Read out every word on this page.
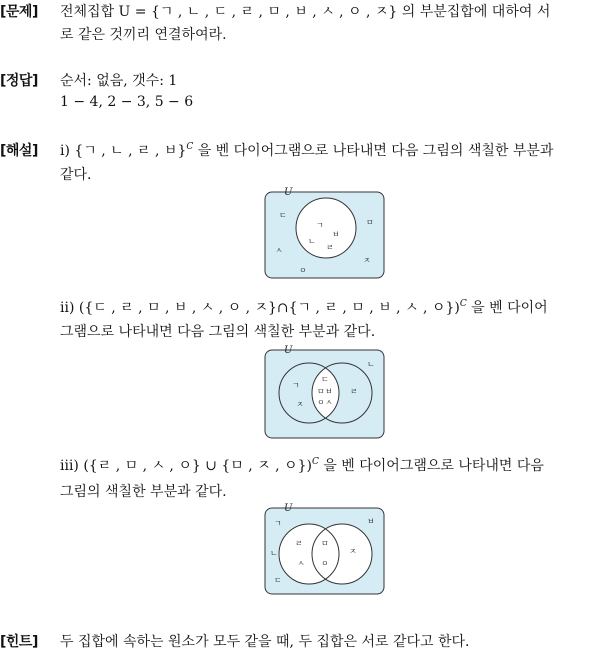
[문제] 전체집합 U = {ㄱ , ㄴ , ㄷ , ㄹ , ㅁ , ㅂ , ㅅ , ㅇ , ㅈ} 의 부분집합에 대하여 서
로 같은 것끼리 연결하여라.
[정답] 순서: 없음, 갯수: 1
1 − 4, 2 − 3, 5 − 6
[해설] ⅰ) {ㄱ , ㄴ , ㄹ , ㅂ}$^C$ 을 벤 다이어그램으로 나타내면 다음 그림의 색칠한 부분과
같다.
U
ㄱ
ㄴ
ㅂ
ㄹ
ㄷ
ㅁ
ㅅ
ㅈ
ㅇ
ⅱ) ({ㄷ , ㄹ , ㅁ , ㅂ , ㅅ , ㅇ , ㅈ}∩{ㄱ , ㄹ , ㅁ , ㅂ , ㅅ , ㅇ})$^C$ 을 벤 다이어
그램으로 나타내면 다음 그림의 색칠한 부분과 같다.
U
ㄴ
ㄱ
ㄷ
ㅁ ㅂ
ㅇ ㅅ
ㅈ
ㄹ
ⅲ) ({ㄹ , ㅁ , ㅅ , ㅇ} ∪ {ㅁ , ㅈ , ㅇ})$^C$ 을 벤 다이어그램으로 나타내면 다음
그림의 색칠한 부분과 같다.
U
ㄱ
ㄴ
ㄷ
ㅂ
ㄹ
ㅅ
ㅁ
ㅇ
ㅈ
[힌트] 두 집합에 속하는 원소가 모두 같을 때, 두 집합은 서로 같다고 한다.
